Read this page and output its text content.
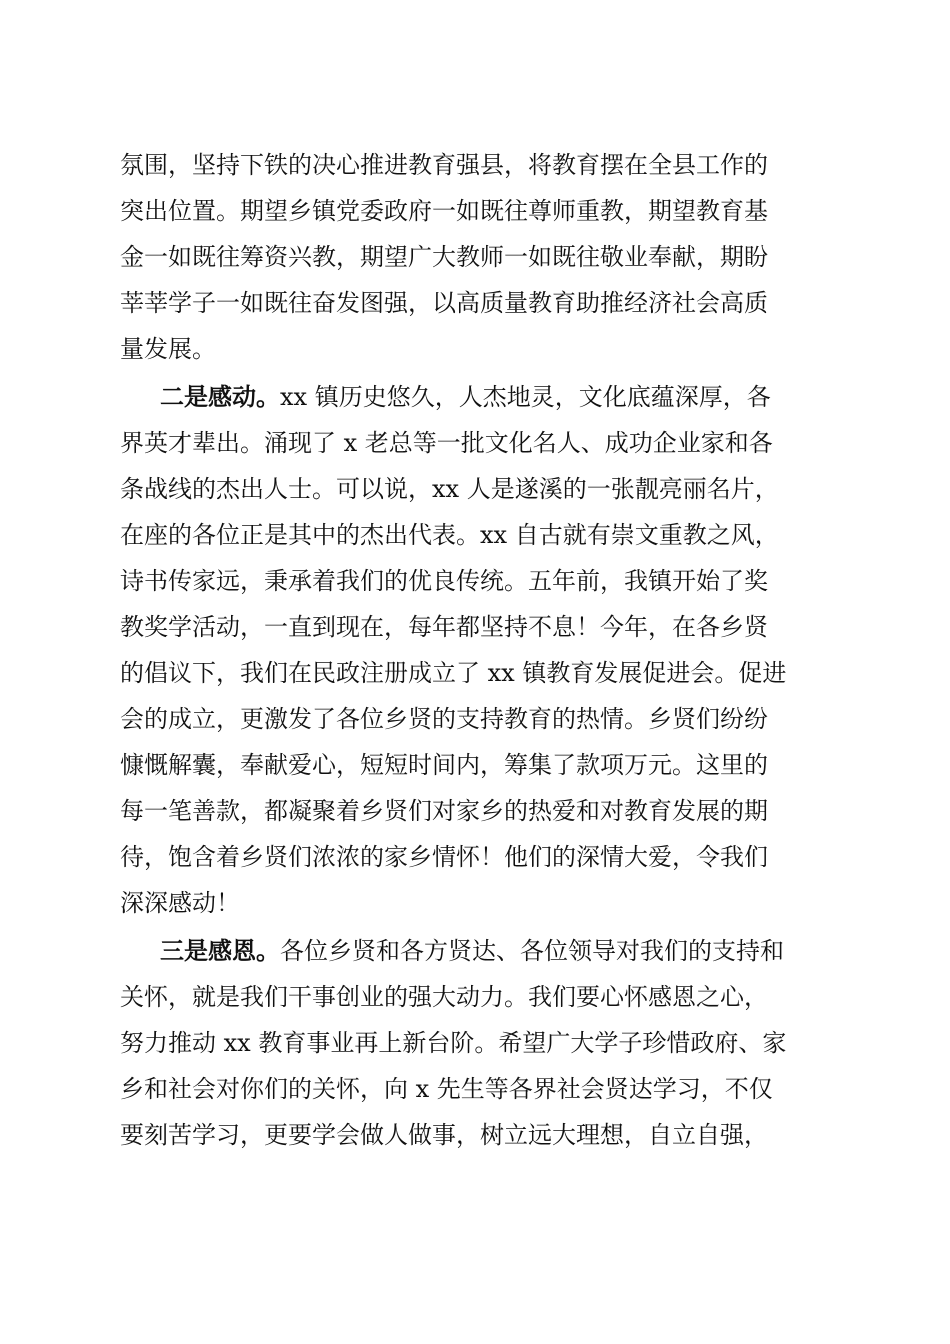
氛围，坚持下铁的决心推进教育强县，将教育摆在全县工作的
突出位置。期望乡镇党委政府一如既往尊师重教，期望教育基
金一如既往筹资兴教，期望广大教师一如既往敬业奉献，期盼
莘莘学子一如既往奋发图强，以高质量教育助推经济社会高质
量发展。
二是感动。xx 镇历史悠久，人杰地灵，文化底蕴深厚，各
界英才辈出。涌现了 x 老总等一批文化名人、成功企业家和各
条战线的杰出人士。可以说，xx 人是遂溪的一张靓亮丽名片，
在座的各位正是其中的杰出代表。xx 自古就有崇文重教之风，
诗书传家远，秉承着我们的优良传统。五年前，我镇开始了奖
教奖学活动，一直到现在，每年都坚持不息！今年，在各乡贤
的倡议下，我们在民政注册成立了 xx 镇教育发展促进会。促进
会的成立，更激发了各位乡贤的支持教育的热情。乡贤们纷纷
慷慨解囊，奉献爱心，短短时间内，筹集了款项万元。这里的
每一笔善款，都凝聚着乡贤们对家乡的热爱和对教育发展的期
待，饱含着乡贤们浓浓的家乡情怀！他们的深情大爱，令我们
深深感动！
三是感恩。各位乡贤和各方贤达、各位领导对我们的支持和
关怀，就是我们干事创业的强大动力。我们要心怀感恩之心，
努力推动 xx 教育事业再上新台阶。希望广大学子珍惜政府、家
乡和社会对你们的关怀，向 x 先生等各界社会贤达学习，不仅
要刻苦学习，更要学会做人做事，树立远大理想，自立自强，
